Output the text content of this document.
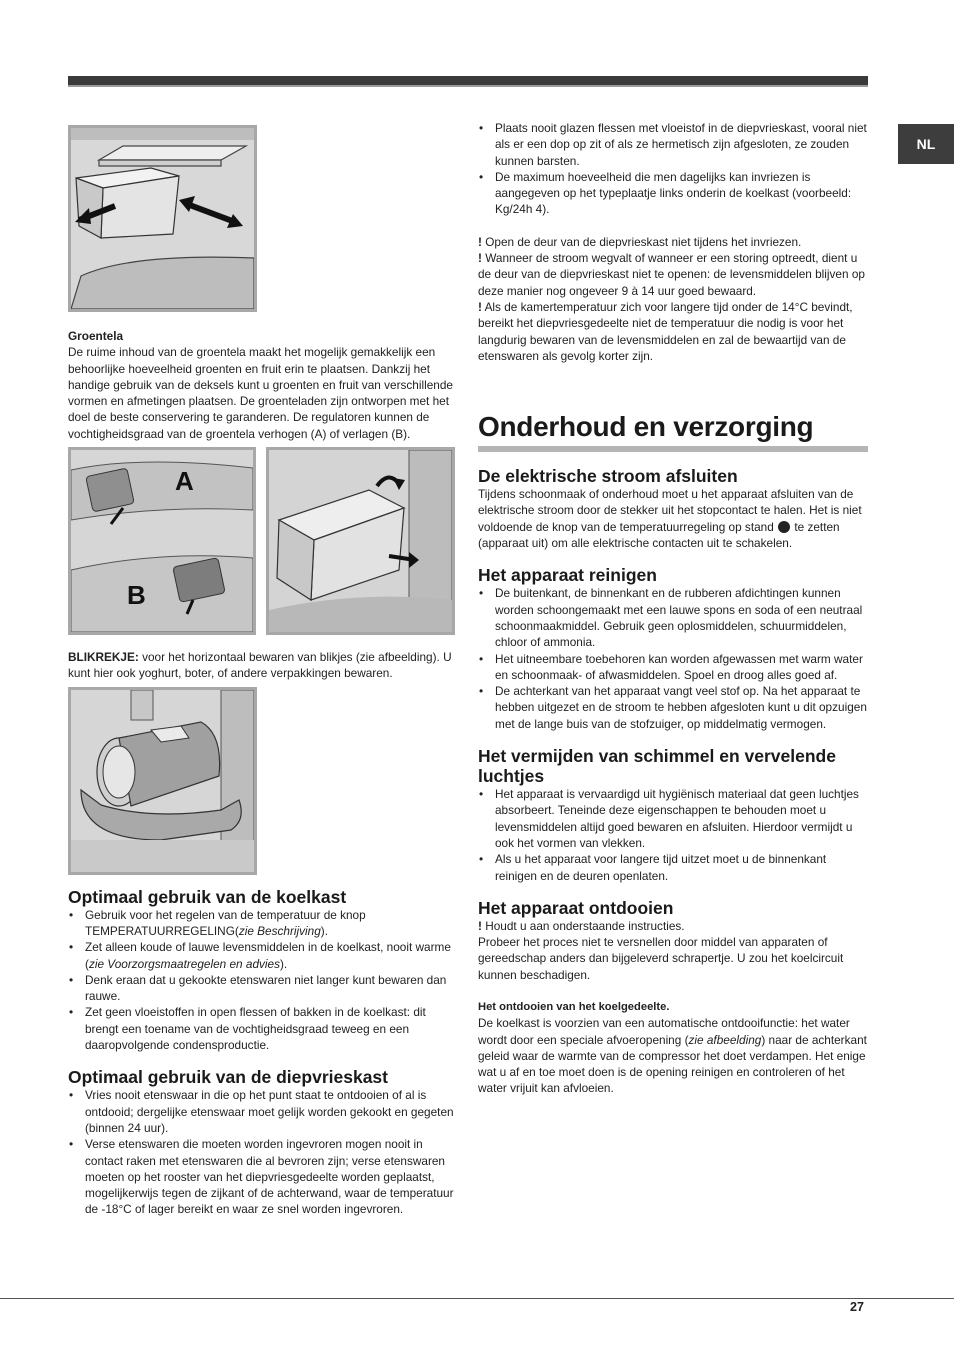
NL

Groentela

De ruime inhoud van de groentela maakt het mogelijk gemakkelijk een behoorlijke hoeveelheid groenten en fruit erin te plaatsen. Dankzij het handige gebruik van de deksels kunt u groenten en fruit van verschillende vormen en afmetingen plaatsen. De groenteladen zijn ontworpen met het doel de beste conservering te garanderen. De regulatoren kunnen de vochtigheidsgraad van de groentela verhogen (A) of verlagen (B).

A
B

BLIKREKJE: voor het horizontaal bewaren van blikjes (zie afbeelding). U kunt hier ook yoghurt, boter, of andere verpakkingen bewaren.

Optimaal gebruik van de koelkast
• Gebruik voor het regelen van de temperatuur de knop TEMPERATUURREGELING(zie Beschrijving).
• Zet alleen koude of lauwe levensmiddelen in de koelkast, nooit warme (zie Voorzorgsmaatregelen en advies).
• Denk eraan dat u gekookte etenswaren niet langer kunt bewaren dan rauwe.
• Zet geen vloeistoffen in open flessen of bakken in de koelkast: dit brengt een toename van de vochtigheidsgraad teweeg en een daaropvolgende condensproductie.
Optimaal gebruik van de diepvrieskast
• Vries nooit etenswaar in die op het punt staat te ontdooien of al is ontdooid; dergelijke etenswaar moet gelijk worden gekookt en gegeten (binnen 24 uur).
• Verse etenswaren die moeten worden ingevroren mogen nooit in contact raken met etenswaren die al bevroren zijn; verse etenswaren moeten op het rooster van het diepvriesgedeelte worden geplaatst, mogelijkerwijs tegen de zijkant of de achterwand, waar de temperatuur de -18°C of lager bereikt en waar ze snel worden ingevroren.
• Plaats nooit glazen flessen met vloeistof in de diepvrieskast, vooral niet als er een dop op zit of als ze hermetisch zijn afgesloten, ze zouden kunnen barsten.
• De maximum hoeveelheid die men dagelijks kan invriezen is aangegeven op het typeplaatje links onderin de koelkast (voorbeeld: Kg/24h 4).

! Open de deur van de diepvrieskast niet tijdens het invriezen.

! Wanneer de stroom wegvalt of wanneer er een storing optreedt, dient u de deur van de diepvrieskast niet te openen: de levensmiddelen blijven op deze manier nog ongeveer 9 à 14 uur goed bewaard.

! Als de kamertemperatuur zich voor langere tijd onder de 14°C bevindt, bereikt het diepvriesgedeelte niet de temperatuur die nodig is voor het langdurig bewaren van de levensmiddelen en zal de bewaartijd van de etenswaren als gevolg korter zijn.

Onderhoud en verzorging
De elektrische stroom afsluiten

Tijdens schoonmaak of onderhoud moet u het apparaat afsluiten van de elektrische stroom door de stekker uit het stopcontact te halen. Het is niet voldoende de knop van de temperatuurregeling op stand  te zetten (apparaat uit) om alle elektrische contacten uit te schakelen.

Het apparaat reinigen
• De buitenkant, de binnenkant en de rubberen afdichtingen kunnen worden schoongemaakt met een lauwe spons en soda of een neutraal schoonmaakmiddel. Gebruik geen oplosmiddelen, schuurmiddelen, chloor of ammonia.
• Het uitneembare toebehoren kan worden afgewassen met warm water en schoonmaak- of afwasmiddelen. Spoel en droog alles goed af.
• De achterkant van het apparaat vangt veel stof op. Na het apparaat te hebben uitgezet en de stroom te hebben afgesloten kunt u dit opzuigen met de lange buis van de stofzuiger, op middelmatig vermogen.
Het vermijden van schimmel en vervelende luchtjes
• Het apparaat is vervaardigd uit hygiënisch materiaal dat geen luchtjes absorbeert. Teneinde deze eigenschappen te behouden moet u levensmiddelen altijd goed bewaren en afsluiten. Hierdoor vermijdt u ook het vormen van vlekken.
• Als u het apparaat voor langere tijd uitzet moet u de binnenkant reinigen en de deuren openlaten.
Het apparaat ontdooien

! Houdt u aan onderstaande instructies.

Probeer het proces niet te versnellen door middel van apparaten of gereedschap anders dan bijgeleverd schrapertje. U zou het koelcircuit kunnen beschadigen.

Het ontdooien van het koelgedeelte.

De koelkast is voorzien van een automatische ontdooifunctie: het water wordt door een speciale afvoeropening (zie afbeelding) naar de achterkant geleid waar de warmte van de compressor het doet verdampen. Het enige wat u af en toe moet doen is de opening reinigen en controleren of het water vrijuit kan afvloeien.

27
